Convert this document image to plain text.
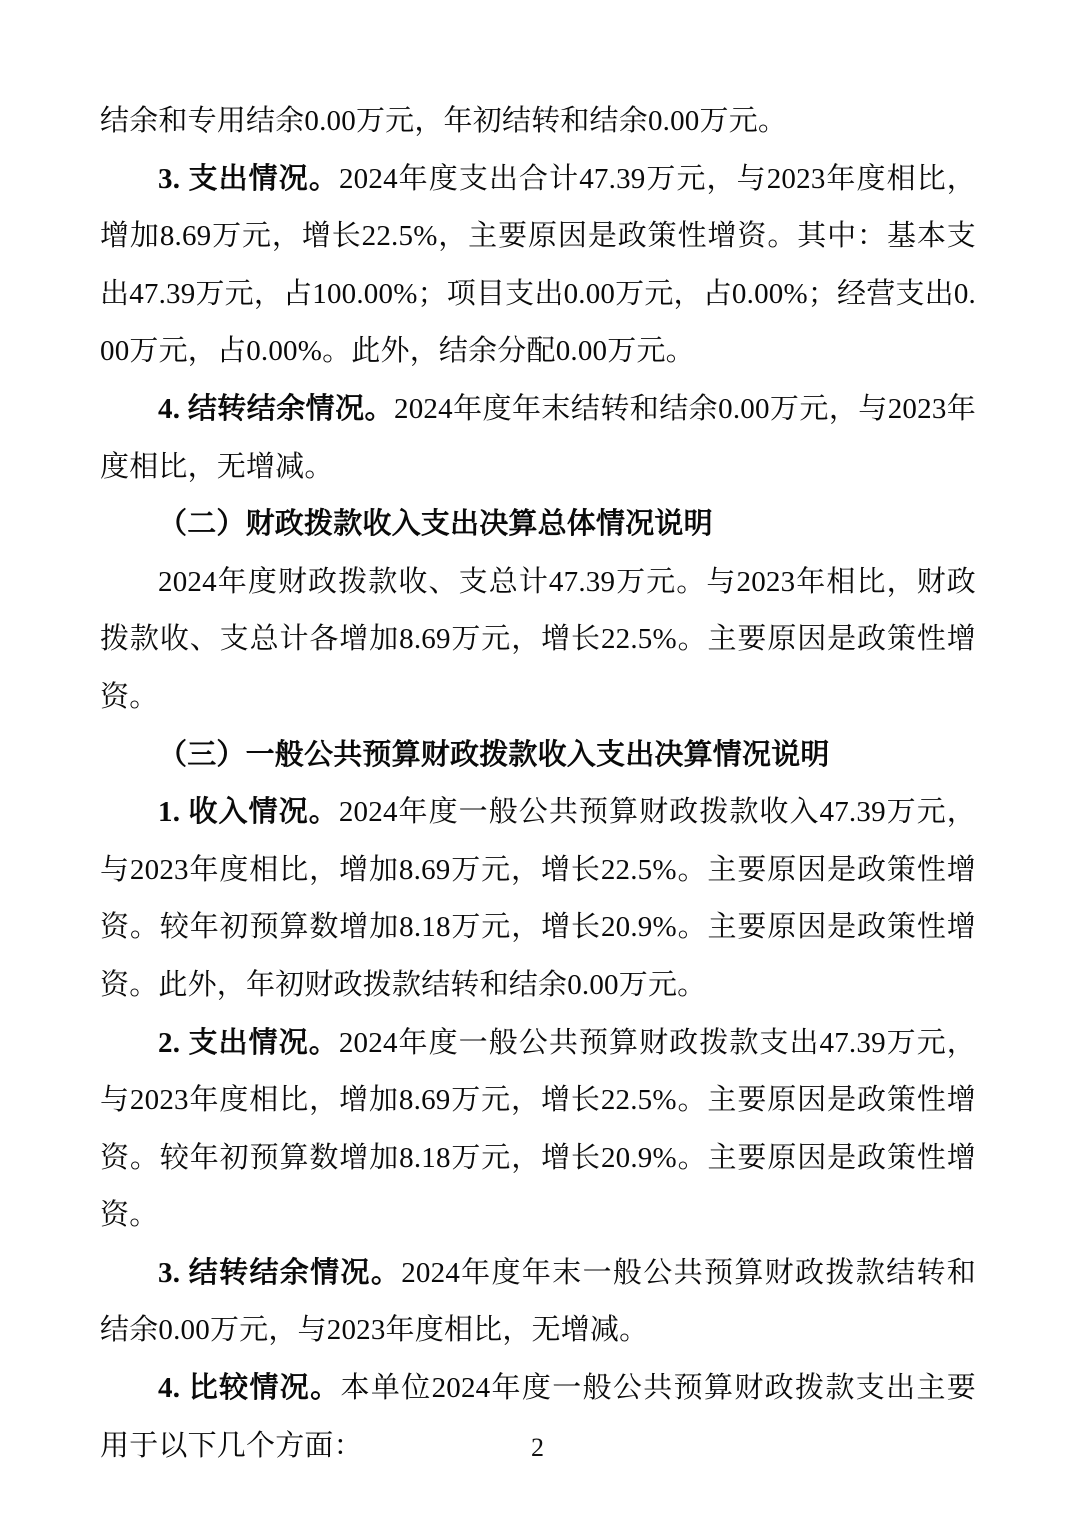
结余和专用结余0.00万元，年初结转和结余0.00万元。

3. 支出情况。2024年度支出合计47.39万元，与2023年度相比，增加8.69万元，增长22.5%，主要原因是政策性增资。其中：基本支出47.39万元，占100.00%；项目支出0.00万元，占0.00%；经营支出0.00万元，占0.00%。此外，结余分配0.00万元。

4. 结转结余情况。2024年度年末结转和结余0.00万元，与2023年度相比，无增减。

（二）财政拨款收入支出决算总体情况说明

2024年度财政拨款收、支总计47.39万元。与2023年相比，财政拨款收、支总计各增加8.69万元，增长22.5%。主要原因是政策性增资。

（三）一般公共预算财政拨款收入支出决算情况说明

1. 收入情况。2024年度一般公共预算财政拨款收入47.39万元，与2023年度相比，增加8.69万元，增长22.5%。主要原因是政策性增资。较年初预算数增加8.18万元，增长20.9%。主要原因是政策性增资。此外，年初财政拨款结转和结余0.00万元。

2. 支出情况。2024年度一般公共预算财政拨款支出47.39万元，与2023年度相比，增加8.69万元，增长22.5%。主要原因是政策性增资。较年初预算数增加8.18万元，增长20.9%。主要原因是政策性增资。

3. 结转结余情况。2024年度年末一般公共预算财政拨款结转和结余0.00万元，与2023年度相比，无增减。

4. 比较情况。本单位2024年度一般公共预算财政拨款支出主要用于以下几个方面：	2
